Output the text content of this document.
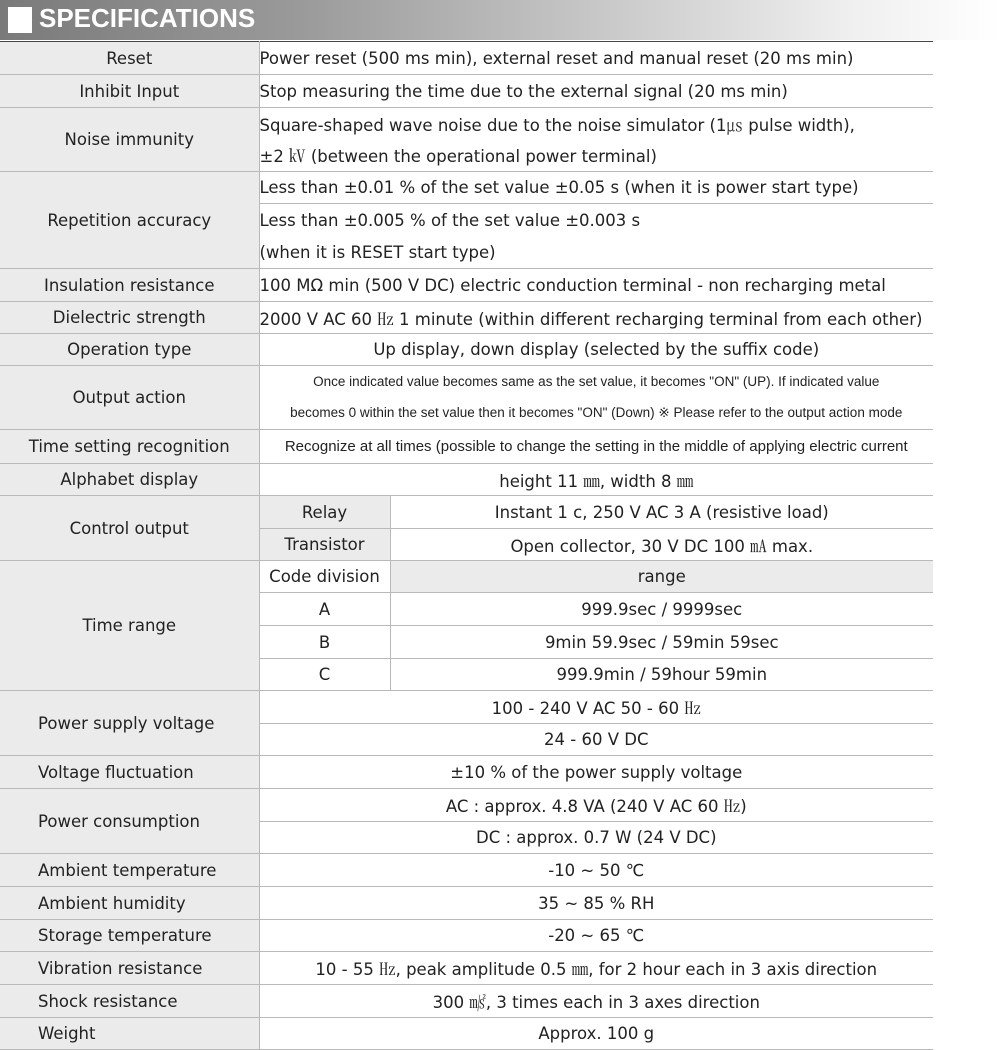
SPECIFICATIONS
Reset	Power reset (500 ms min), external reset and manual reset (20 ms min)	
Inhibit Input	Stop measuring the time due to the external signal (20 ms min)	
Noise immunity	Square-shaped wave noise due to the noise simulator (1㎲ pulse width),	
	±2 ㎸ (between the operational power terminal)	
Repetition accuracy	Less than ±0.01 % of the set value ±0.05 s (when it is power start type)	
	Less than ±0.005 % of the set value ±0.003 s	
	(when it is RESET start type)	
Insulation resistance	100 MΩ min (500 V DC) electric conduction terminal - non recharging metal	
Dielectric strength	2000 V AC 60 ㎐ 1 minute (within different recharging terminal from each other)	
Operation type	Up display, down display (selected by the suffix code)	
Output action	Once indicated value becomes same as the set value, it becomes "ON" (UP). If indicated value	
	becomes 0 within the set value then it becomes "ON" (Down) ※ Please refer to the output action mode	
Time setting recognition	Recognize at all times (possible to change the setting in the middle of applying electric current	
Alphabet display	height 11 ㎜, width 8 ㎜	
Control output	Relay	Instant 1 c, 250 V AC 3 A (resistive load)
	Transistor	Open collector, 30 V DC 100 ㎃ max.
Time range	Code division	range
	A	999.9sec / 9999sec
	B	9min 59.9sec / 59min 59sec
	C	999.9min / 59hour 59min
Power supply voltage	100 - 240 V AC 50 - 60 ㎐	
	24 - 60 V DC	
Voltage fluctuation	±10 % of the power supply voltage	
Power consumption	AC : approx. 4.8 VA (240 V AC 60 ㎐)	
	DC : approx. 0.7 W (24 V DC)	
Ambient temperature	-10 ~ 50 ℃	
Ambient humidity	35 ~ 85 % RH	
Storage temperature	-20 ~ 65 ℃	
Vibration resistance	10 - 55 ㎐, peak amplitude 0.5 ㎜, for 2 hour each in 3 axis direction	
Shock resistance	300 ㎨, 3 times each in 3 axes direction	
Weight	Approx. 100 g	
